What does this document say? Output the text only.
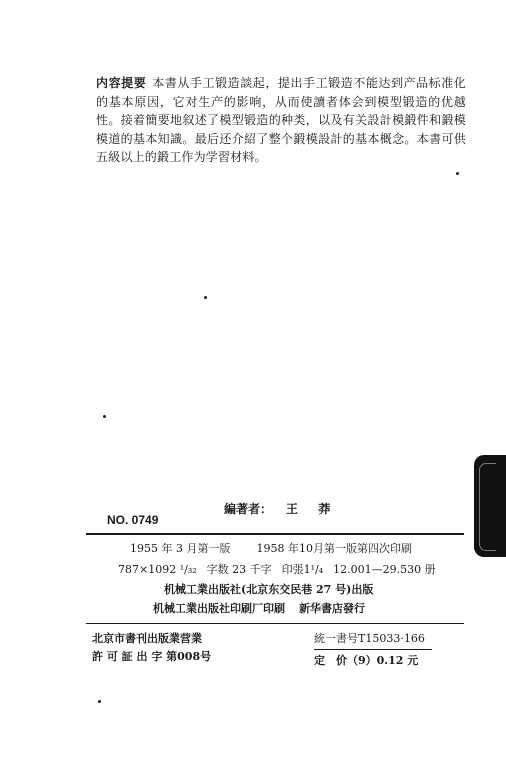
内容提要 本書从手工锻造談起，提出手工锻造不能达到产品标准化的基本原因，它对生产的影响，从而使讀者体会到模型锻造的优越性。接着簡要地叙述了模型锻造的种类，以及有关設計模鍛件和鍛模模道的基本知識。最后还介紹了整个鍛模設計的基本概念。本書可供五級以上的鍛工作为学習材料。
編著者： 王 莽
NO. 0749
1955 年 3 月第一版 1958 年10月第一版第四次印刷
787×1092 ¹/₃₂ 字数 23 千字 印張1¹/₄ 12.001—29.530 册
机械工業出版社(北京东交民巷 27 号)出版
机械工業出版社印刷厂印刷 新华書店發行
北京市書刊出版業营業
許 可 証 出 字 第008号
統一書号T15033·166
定　价（9）0.12 元
